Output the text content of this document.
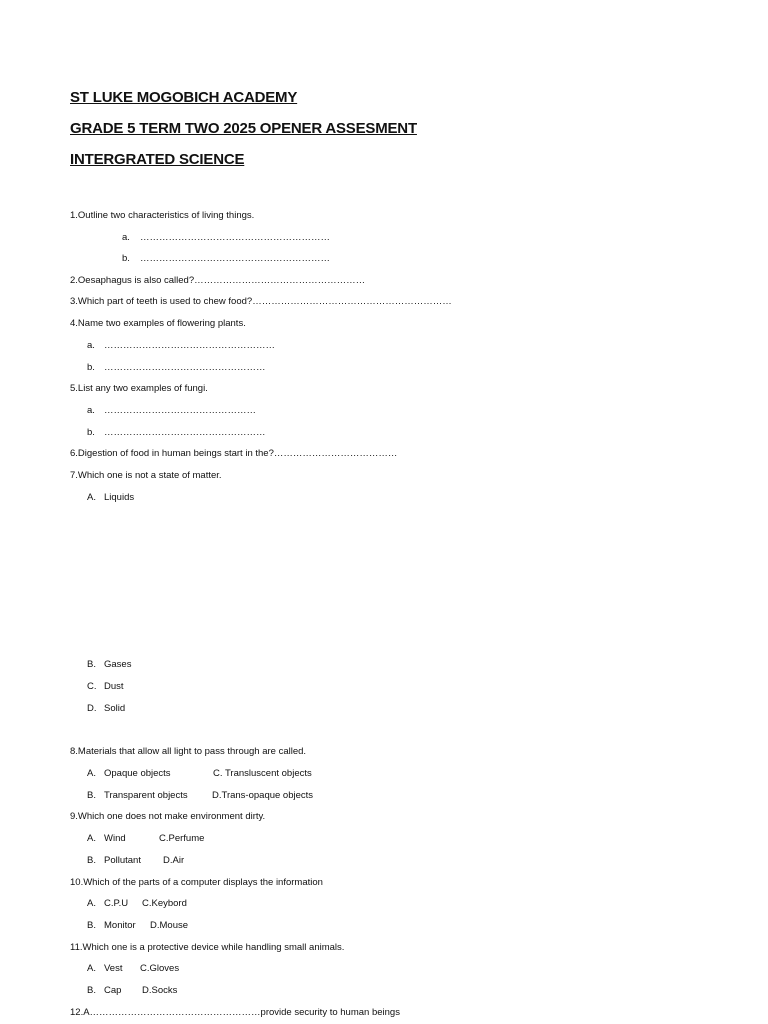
ST LUKE MOGOBICH ACADEMY
GRADE 5 TERM TWO 2025 OPENER ASSESMENT
INTERGRATED SCIENCE

1.Outline two characteristics of living things.

a. ……………………………………………………

b. ……………………………………………………

2.Oesaphagus is also called?………………………………………………

3.Which part of teeth is used to chew food?………………………………………………………

4.Name two examples of flowering plants.

a. ………………………………………………

b. ……………………………………………

5.List any two examples of fungi.

a. …………………………………………

b. ……………………………………………

6.Digestion of food in human beings start in the?…………………………………

7.Which one is not a state of matter.

A. Liquids

B. Gases

C. Dust

D. Solid

8.Materials that allow all light to pass through are called.

A. Opaque objects	C. Transluscent objects

B. Transparent objects	D.Trans-opaque objects

9.Which one does not make environment dirty.

A. Wind	C.Perfume

B. Pollutant D.Air

10.Which of the parts of a computer displays the information

A. C.P.U C.Keybord

B. Monitor D.Mouse

11.Which one is a protective device while handling small animals.

A. Vest C.Gloves

B. Cap D.Socks

12.A………………………………………………provide security to human beings
